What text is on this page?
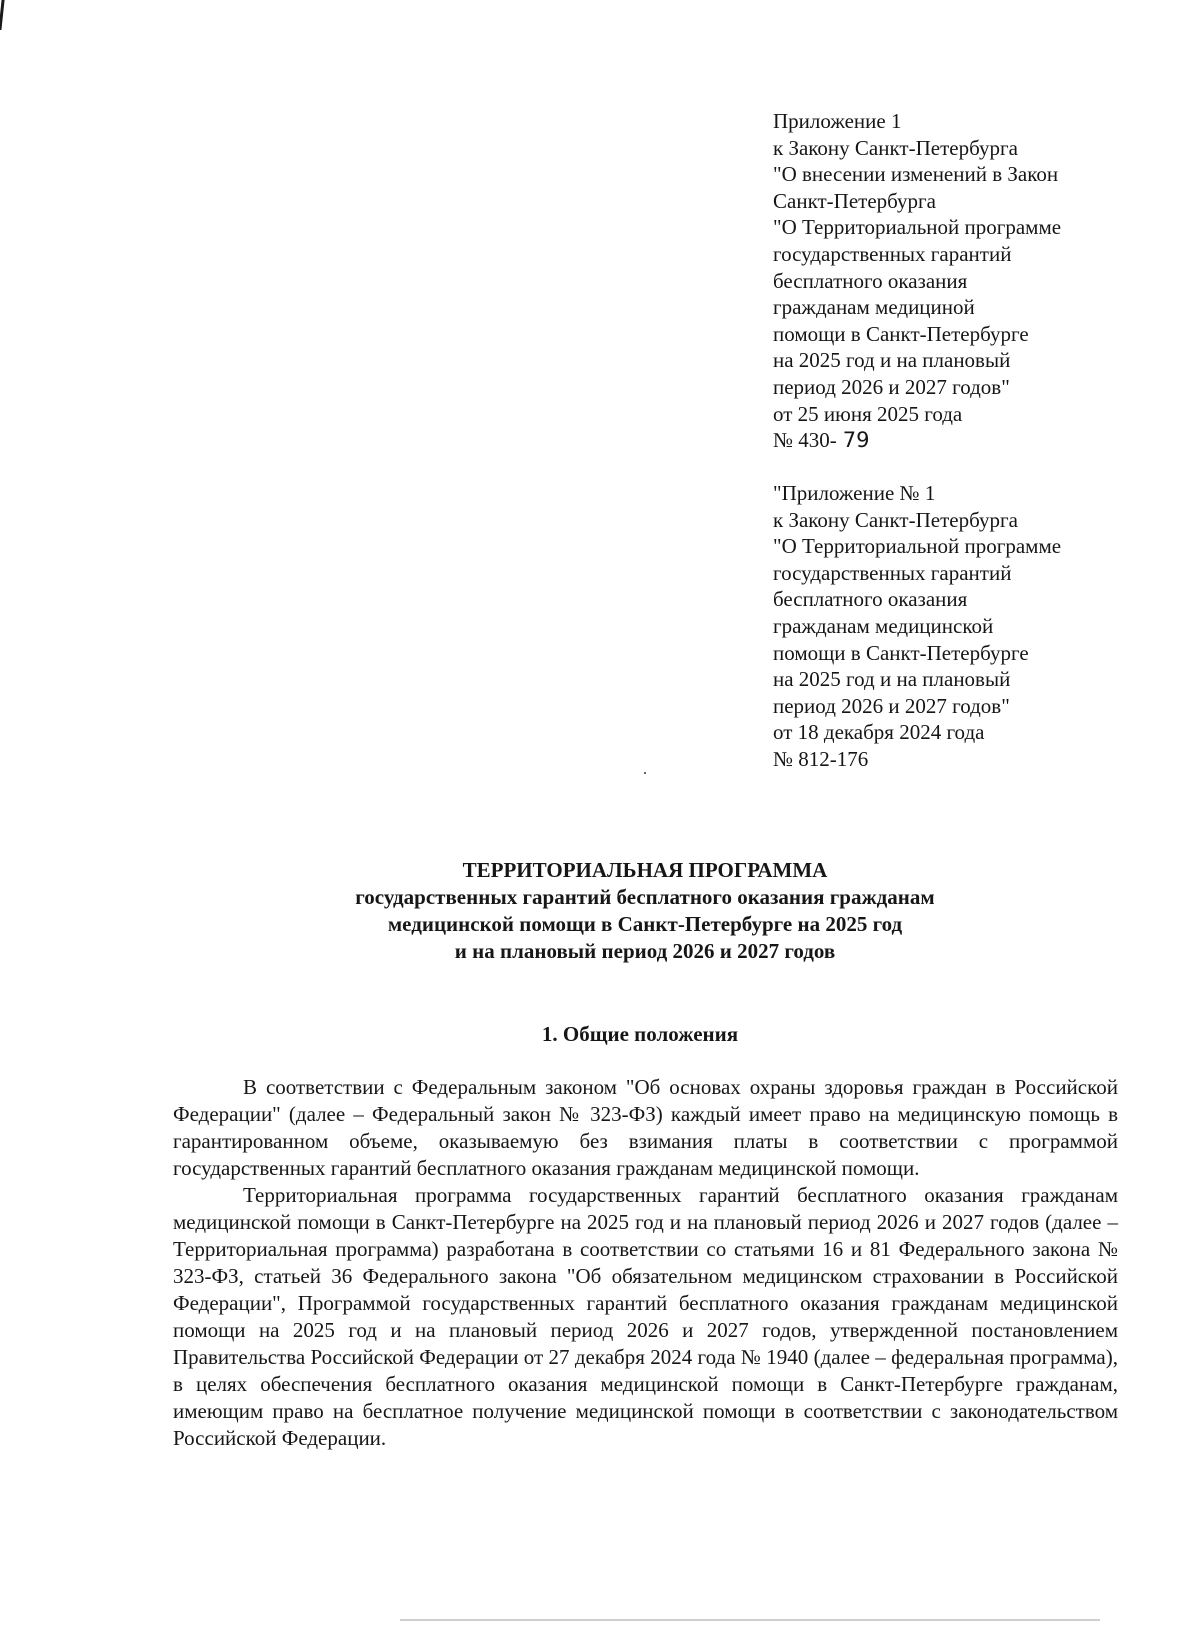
Приложение 1
к Закону Санкт-Петербурга
"О внесении изменений в Закон
Санкт-Петербурга
"О Территориальной программе
государственных гарантий
бесплатного оказания
гражданам медициной
помощи в Санкт-Петербурге
на 2025 год и на плановый
период 2026 и 2027 годов"
от 25 июня 2025 года
№ 430- 79
"Приложение № 1
к Закону Санкт-Петербурга
"О Территориальной программе
государственных гарантий
бесплатного оказания
гражданам медицинской
помощи в Санкт-Петербурге
на 2025 год и на плановый
период 2026 и 2027 годов"
от 18 декабря 2024 года
№ 812-176
ТЕРРИТОРИАЛЬНАЯ ПРОГРАММА
государственных гарантий бесплатного оказания гражданам
медицинской помощи в Санкт-Петербурге на 2025 год
и на плановый период 2026 и 2027 годов
1. Общие положения

В соответствии с Федеральным законом "Об основах охраны здоровья граждан в Российской Федерации" (далее – Федеральный закон № 323-ФЗ) каждый имеет право на медицинскую помощь в гарантированном объеме, оказываемую без взимания платы в соответствии с программой государственных гарантий бесплатного оказания гражданам медицинской помощи.

Территориальная программа государственных гарантий бесплатного оказания гражданам медицинской помощи в Санкт-Петербурге на 2025 год и на плановый период 2026 и 2027 годов (далее – Территориальная программа) разработана в соответствии со статьями 16 и 81 Федерального закона № 323-ФЗ, статьей 36 Федерального закона "Об обязательном медицинском страховании в Российской Федерации", Программой государственных гарантий бесплатного оказания гражданам медицинской помощи на 2025 год и на плановый период 2026 и 2027 годов, утвержденной постановлением Правительства Российской Федерации от 27 декабря 2024 года № 1940 (далее – федеральная программа), в целях обеспечения бесплатного оказания медицинской помощи в Санкт-Петербурге гражданам, имеющим право на бесплатное получение медицинской помощи в соответствии с законодательством Российской Федерации.
